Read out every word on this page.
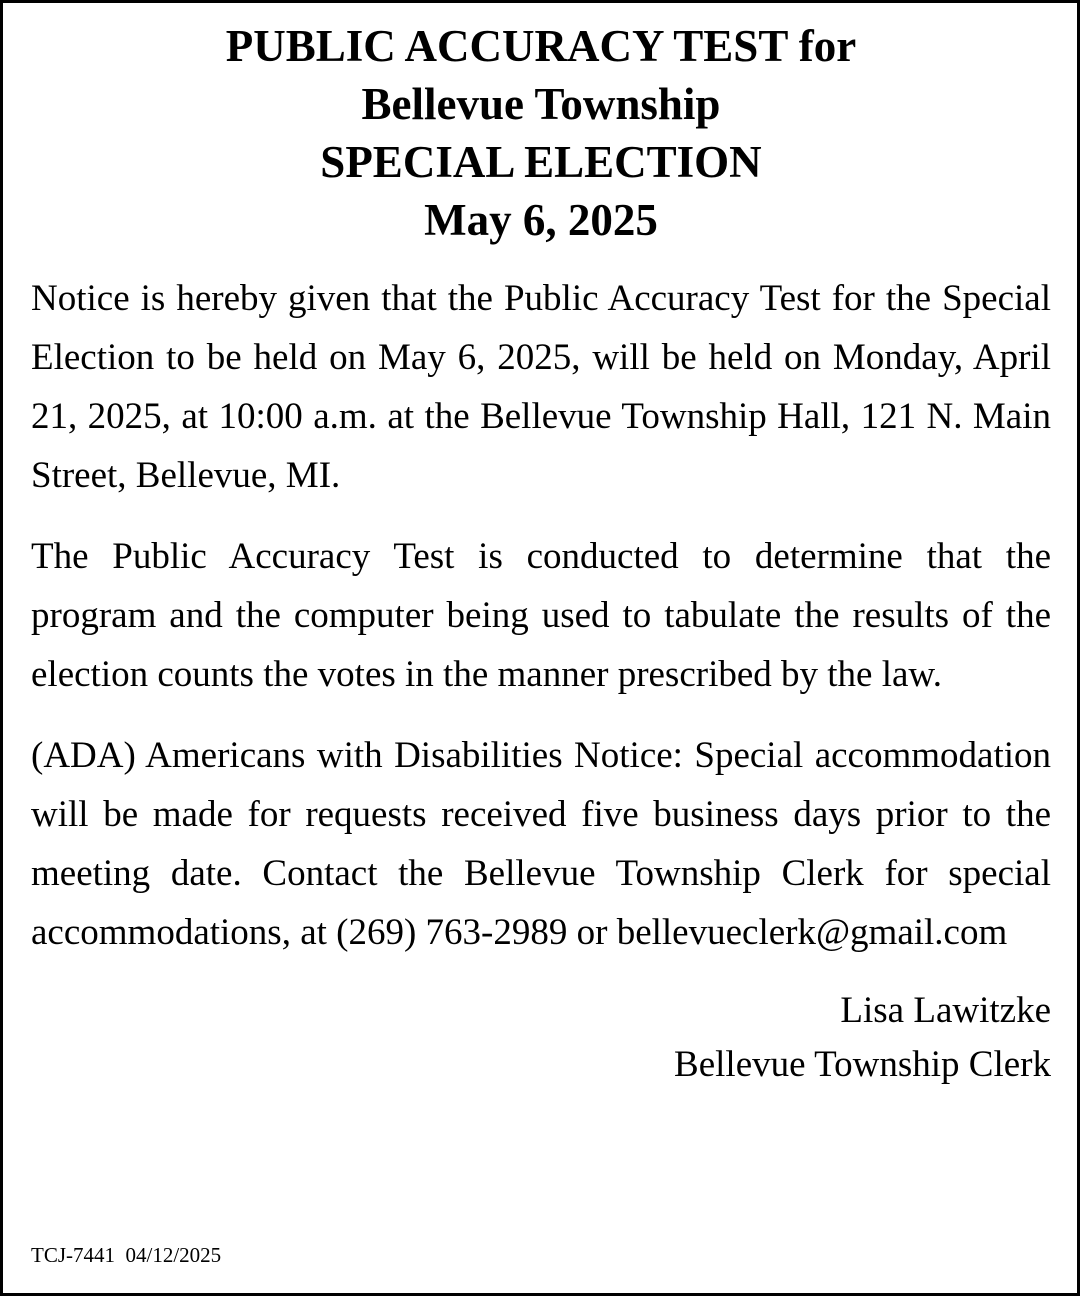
PUBLIC ACCURACY TEST for
Bellevue Township
SPECIAL ELECTION
May 6, 2025

Notice is hereby given that the Public Accuracy Test for the Special Election to be held on May 6, 2025, will be held on Monday, April 21, 2025, at 10:00 a.m. at the Bellevue Township Hall, 121 N. Main Street, Bellevue, MI.

The Public Accuracy Test is conducted to determine that the program and the computer being used to tabulate the results of the election counts the votes in the manner prescribed by the law.

(ADA) Americans with Disabilities Notice: Special accommodation will be made for requests received five business days prior to the meeting date. Contact the Bellevue Township Clerk for special accommodations, at (269) 763-2989 or bellevueclerk@gmail.com

Lisa Lawitzke
Bellevue Township Clerk
TCJ-7441  04/12/2025
